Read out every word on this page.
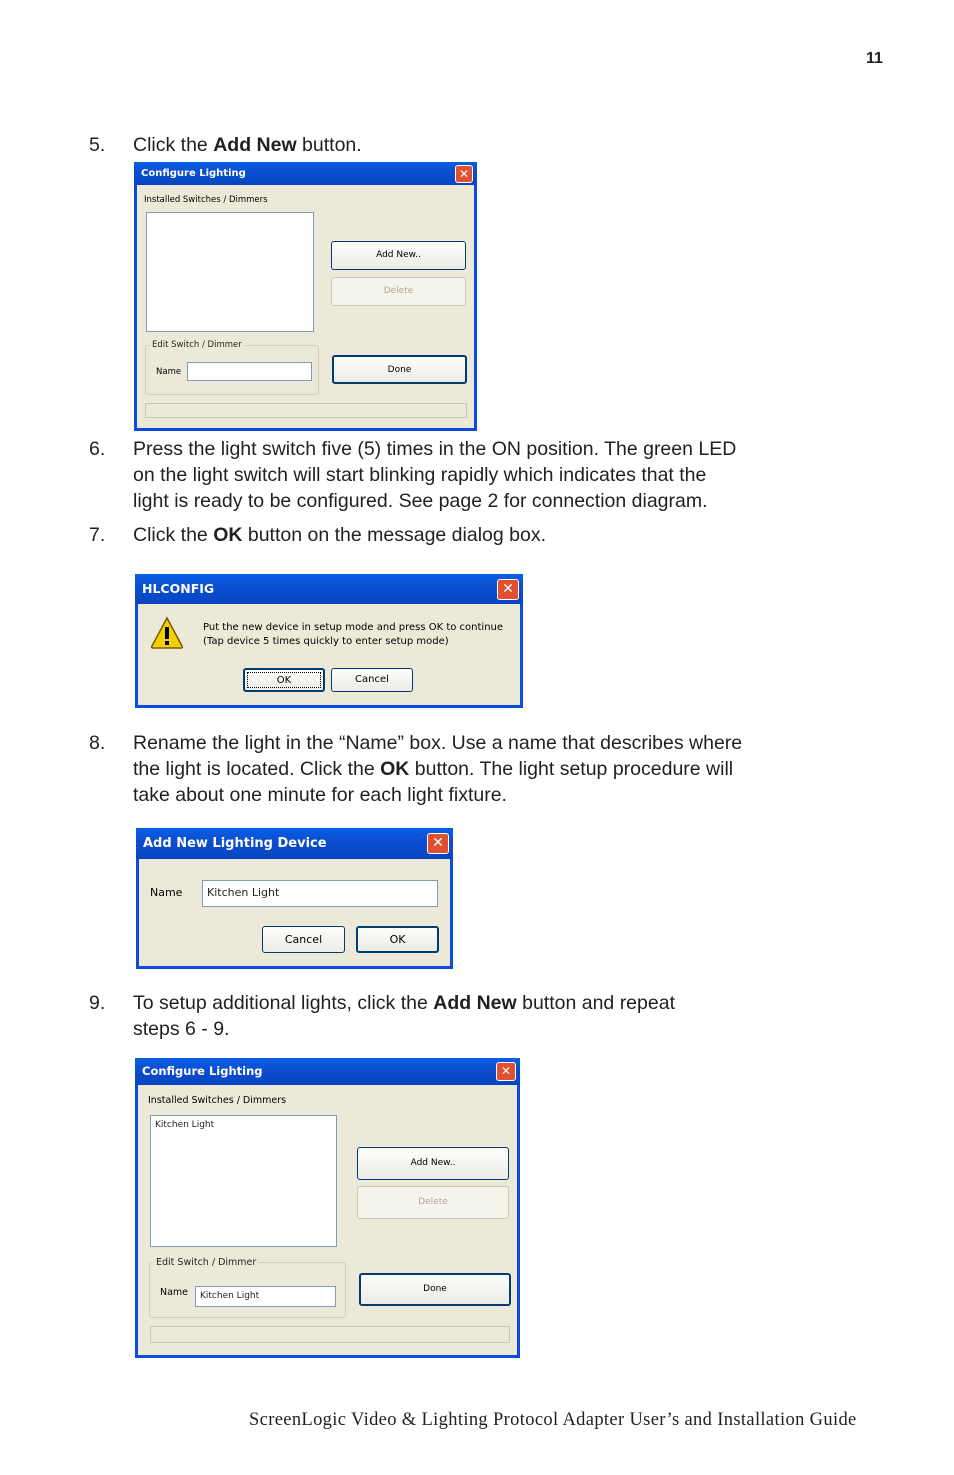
11
5. Click the Add New button.
6. Press the light switch five (5) times in the ON position. The green LED
on the light switch will start blinking rapidly which indicates that the
light is ready to be configured. See page 2 for connection diagram.
7. Click the OK button on the message dialog box.
8. Rename the light in the “Name” box. Use a name that describes where
the light is located. Click the OK button. The light setup procedure will
take about one minute for each light fixture.
9. To setup additional lights, click the Add New button and repeat
steps 6 - 9.
Configure Lighting	✕
Installed Switches / Dimmers
Add New..
Delete
Edit Switch / Dimmer
Name	Done
HLCONFIG	✕
Put the new device in setup mode and press OK to continue
(Tap device 5 times quickly to enter setup mode)
OK	Cancel
Add New Lighting Device	✕
Name	Kitchen Light
Cancel	OK
Configure Lighting	✕
Installed Switches / Dimmers
Kitchen Light
Add New..
Delete
Edit Switch / Dimmer
Name	Kitchen Light
Done
ScreenLogic Video & Lighting Protocol Adapter User’s and Installation Guide
